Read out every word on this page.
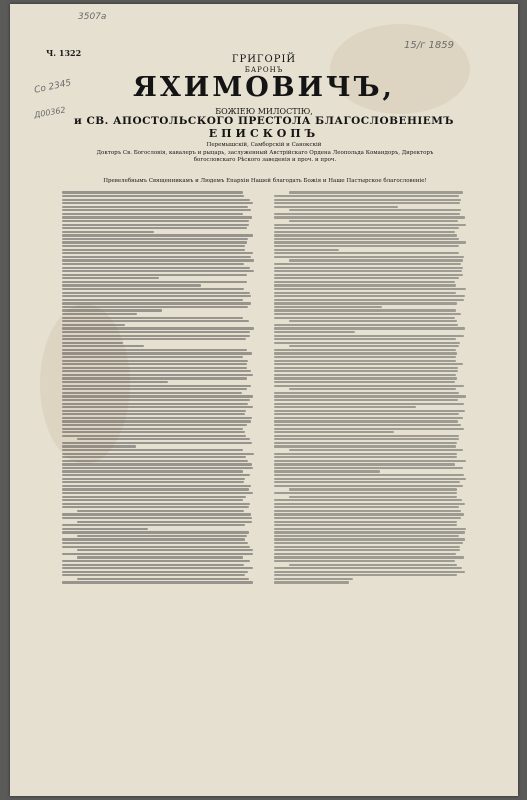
3507а
15/г 1859
Со 2345
Д00362
Ч. 1322
ГРИГОРІЙ
БАРОНЪ
ЯХИМОВИЧЪ,
БОЖІЕЮ МИЛОСТІЮ,
и СВ. АПОСТОЛЬСКОГО ПРЕСТОЛА БЛАГОСЛОВЕНІЕМЪ
ЕПИСКОПЪ
Перемышскій, Самборскій и Санокскій
Докторъ Св. Богословія, кавалеръ и рыцарь, заслуженный Австрійскаго Ордена Леопольда Командоръ, Директоръ богословскаго Рѣского заведенія и проч. и проч.
Превелебнымъ Священникамъ и Людемъ Епархіи Нашей благодать Божія и Наше Пастырское благословеніе!
